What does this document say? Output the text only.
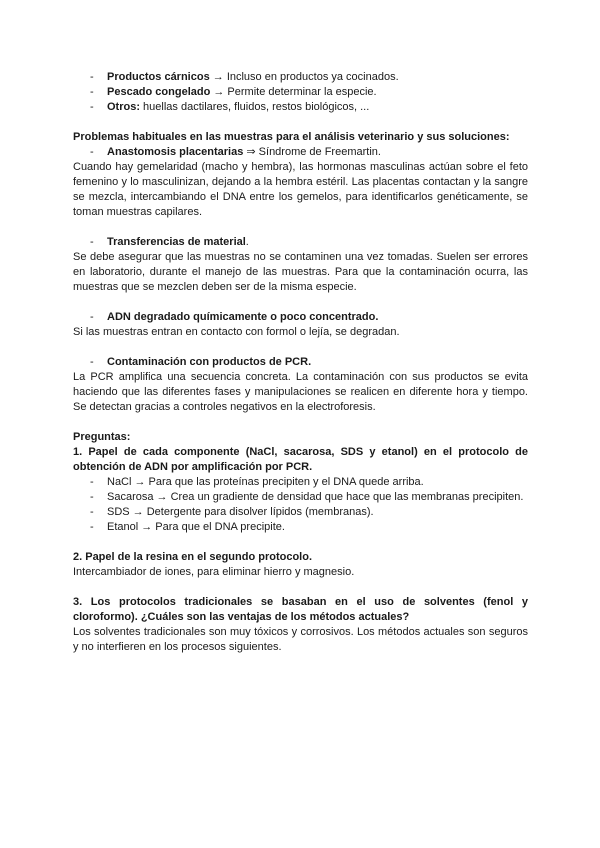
- Productos cárnicos → Incluso en productos ya cocinados.
- Pescado congelado → Permite determinar la especie.
- Otros: huellas dactilares, fluidos, restos biológicos, ...

Problemas habituales en las muestras para el análisis veterinario y sus soluciones:

- Anastomosis placentarias ⇒ Síndrome de Freemartin.

Cuando hay gemelaridad (macho y hembra), las hormonas masculinas actúan sobre el feto femenino y lo masculinizan, dejando a la hembra estéril. Las placentas contactan y la sangre se mezcla, intercambiando el DNA entre los gemelos, para identificarlos genéticamente, se toman muestras capilares.

- Transferencias de material.

Se debe asegurar que las muestras no se contaminen una vez tomadas. Suelen ser errores en laboratorio, durante el manejo de las muestras. Para que la contaminación ocurra, las muestras que se mezclen deben ser de la misma especie.

- ADN degradado químicamente o poco concentrado.

Si las muestras entran en contacto con formol o lejía, se degradan.

- Contaminación con productos de PCR.

La PCR amplifica una secuencia concreta. La contaminación con sus productos se evita haciendo que las diferentes fases y manipulaciones se realicen en diferente hora y tiempo. Se detectan gracias a controles negativos en la electroforesis.

Preguntas:

1. Papel de cada componente (NaCl, sacarosa, SDS y etanol) en el protocolo de obtención de ADN por amplificación por PCR.

- NaCl → Para que las proteínas precipiten y el DNA quede arriba.
- Sacarosa → Crea un gradiente de densidad que hace que las membranas precipiten.
- SDS → Detergente para disolver lípidos (membranas).
- Etanol → Para que el DNA precipite.

2. Papel de la resina en el segundo protocolo.

Intercambiador de iones, para eliminar hierro y magnesio.

3. Los protocolos tradicionales se basaban en el uso de solventes (fenol y cloroformo). ¿Cuáles son las ventajas de los métodos actuales?

Los solventes tradicionales son muy tóxicos y corrosivos. Los métodos actuales son seguros y no interfieren en los procesos siguientes.
